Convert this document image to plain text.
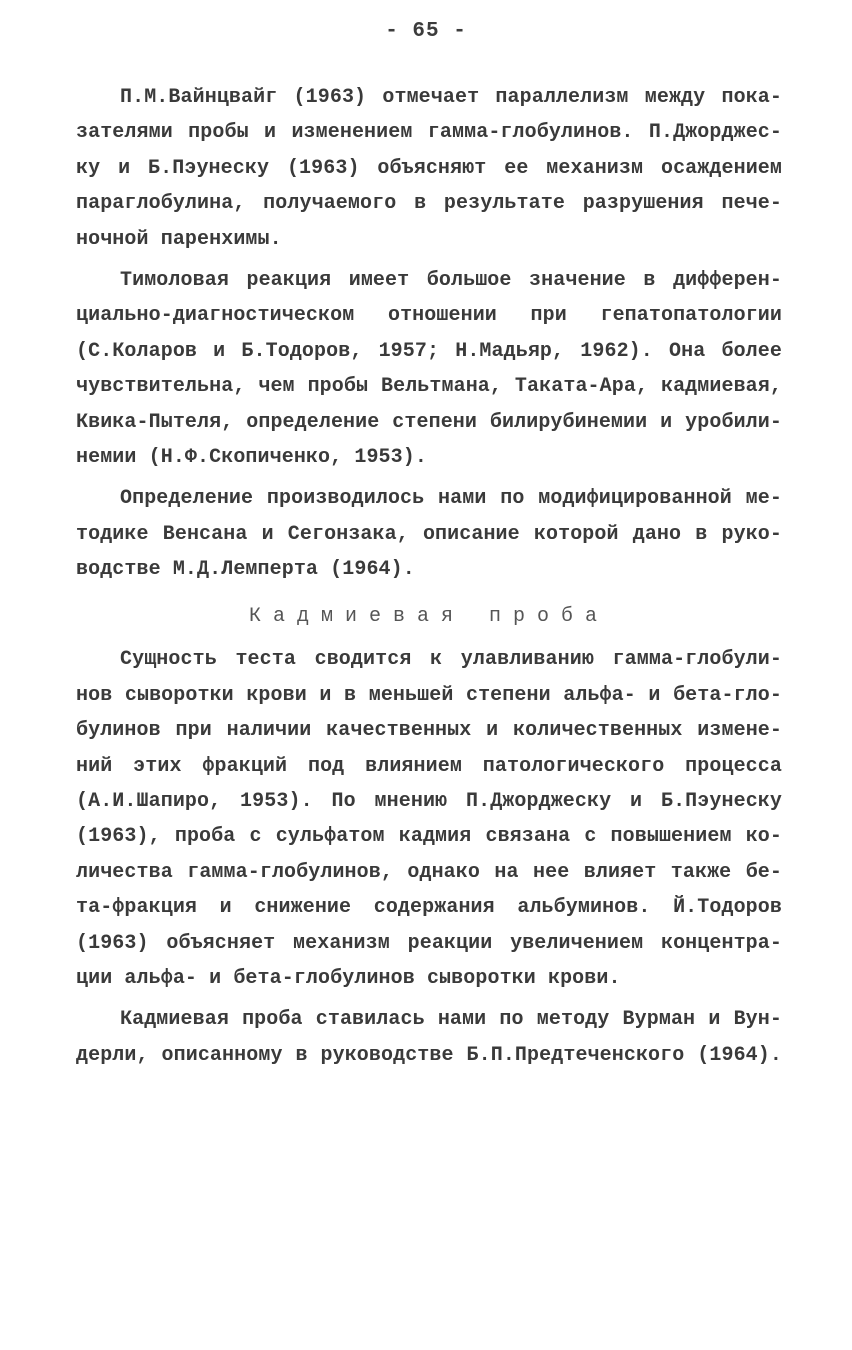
- 65 -
П.М.Вайнцвайг (1963) отмечает параллелизм между пока-
зателями пробы и изменением гамма-глобулинов. П.Джорджес-
ку и Б.Пэунеску (1963) объясняют ее механизм осаждением
параглобулина, получаемого в результате разрушения пече-
ночной паренхимы.
Тимоловая реакция имеет большое значение в дифферен-
циально-диагностическом отношении при гепатопатологии
(С.Коларов и Б.Тодоров, 1957; Н.Мадьяр, 1962). Она более
чувствительна, чем пробы Вельтмана, Таката-Ара, кадмиевая,
Квика-Пытеля, определение степени билирубинемии и уробили-
немии (Н.Ф.Скопиченко, 1953).
Определение производилось нами по модифицированной ме-
тодике Венсана и Сегонзака, описание которой дано в руко-
водстве М.Д.Лемперта (1964).
Кадмиевая проба
Сущность теста сводится к улавливанию гамма-глобули-
нов сыворотки крови и в меньшей степени альфа- и бета-гло-
булинов при наличии качественных и количественных измене-
ний этих фракций под влиянием патологического процесса
(А.И.Шапиро, 1953). По мнению П.Джорджеску и Б.Пэунеску
(1963), проба с сульфатом кадмия связана с повышением ко-
личества гамма-глобулинов, однако на нее влияет также бе-
та-фракция и снижение содержания альбуминов. Й.Тодоров
(1963) объясняет механизм реакции увеличением концентра-
ции альфа- и бета-глобулинов сыворотки крови.
Кадмиевая проба ставилась нами по методу Вурман и Вун-
дерли, описанному в руководстве Б.П.Предтеченского (1964).
